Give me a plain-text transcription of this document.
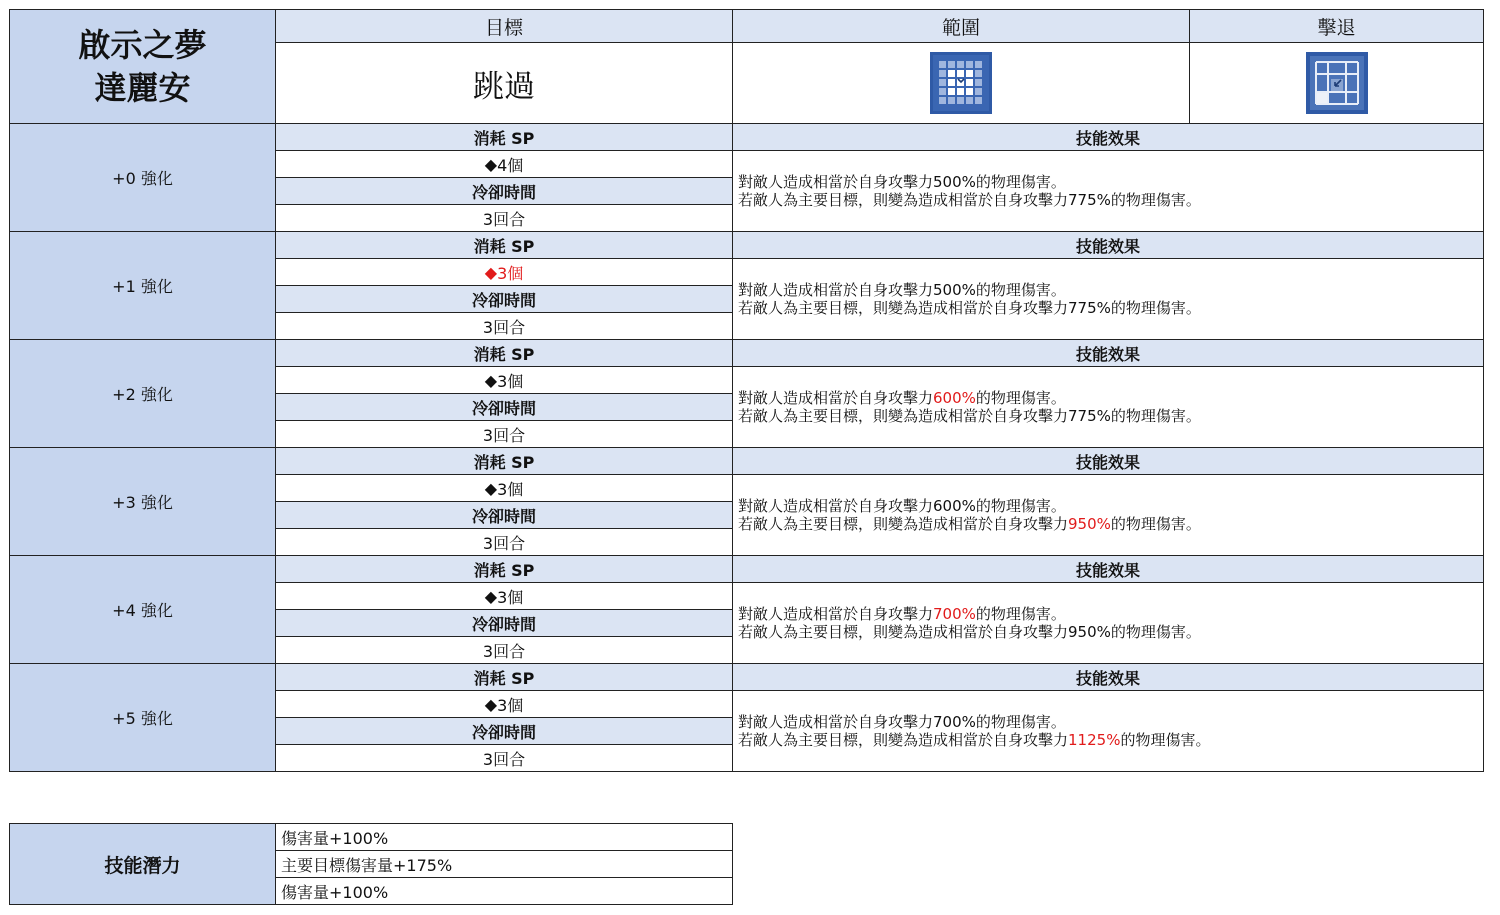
啟示之夢
達麗安
目標	範圍	擊退
跳過
+0 強化
消耗 SP
◆ 4個
冷卻時間
3回合
技能效果
對敵人造成相當於自身攻擊力500%的物理傷害。
若敵人為主要目標，則變為造成相當於自身攻擊力775%的物理傷害。
+1 強化
消耗 SP
◆ 3個
冷卻時間
3回合
技能效果
對敵人造成相當於自身攻擊力500%的物理傷害。
若敵人為主要目標，則變為造成相當於自身攻擊力775%的物理傷害。
+2 強化
消耗 SP
◆ 3個
冷卻時間
3回合
技能效果
對敵人造成相當於自身攻擊力600%的物理傷害。
若敵人為主要目標，則變為造成相當於自身攻擊力775%的物理傷害。
+3 強化
消耗 SP
◆ 3個
冷卻時間
3回合
技能效果
對敵人造成相當於自身攻擊力600%的物理傷害。
若敵人為主要目標，則變為造成相當於自身攻擊力950%的物理傷害。
+4 強化
消耗 SP
◆ 3個
冷卻時間
3回合
技能效果
對敵人造成相當於自身攻擊力700%的物理傷害。
若敵人為主要目標，則變為造成相當於自身攻擊力950%的物理傷害。
+5 強化
消耗 SP
◆ 3個
冷卻時間
3回合
技能效果
對敵人造成相當於自身攻擊力700%的物理傷害。
若敵人為主要目標，則變為造成相當於自身攻擊力1125%的物理傷害。
技能潛力
傷害量+100%
主要目標傷害量+175%
傷害量+100%
